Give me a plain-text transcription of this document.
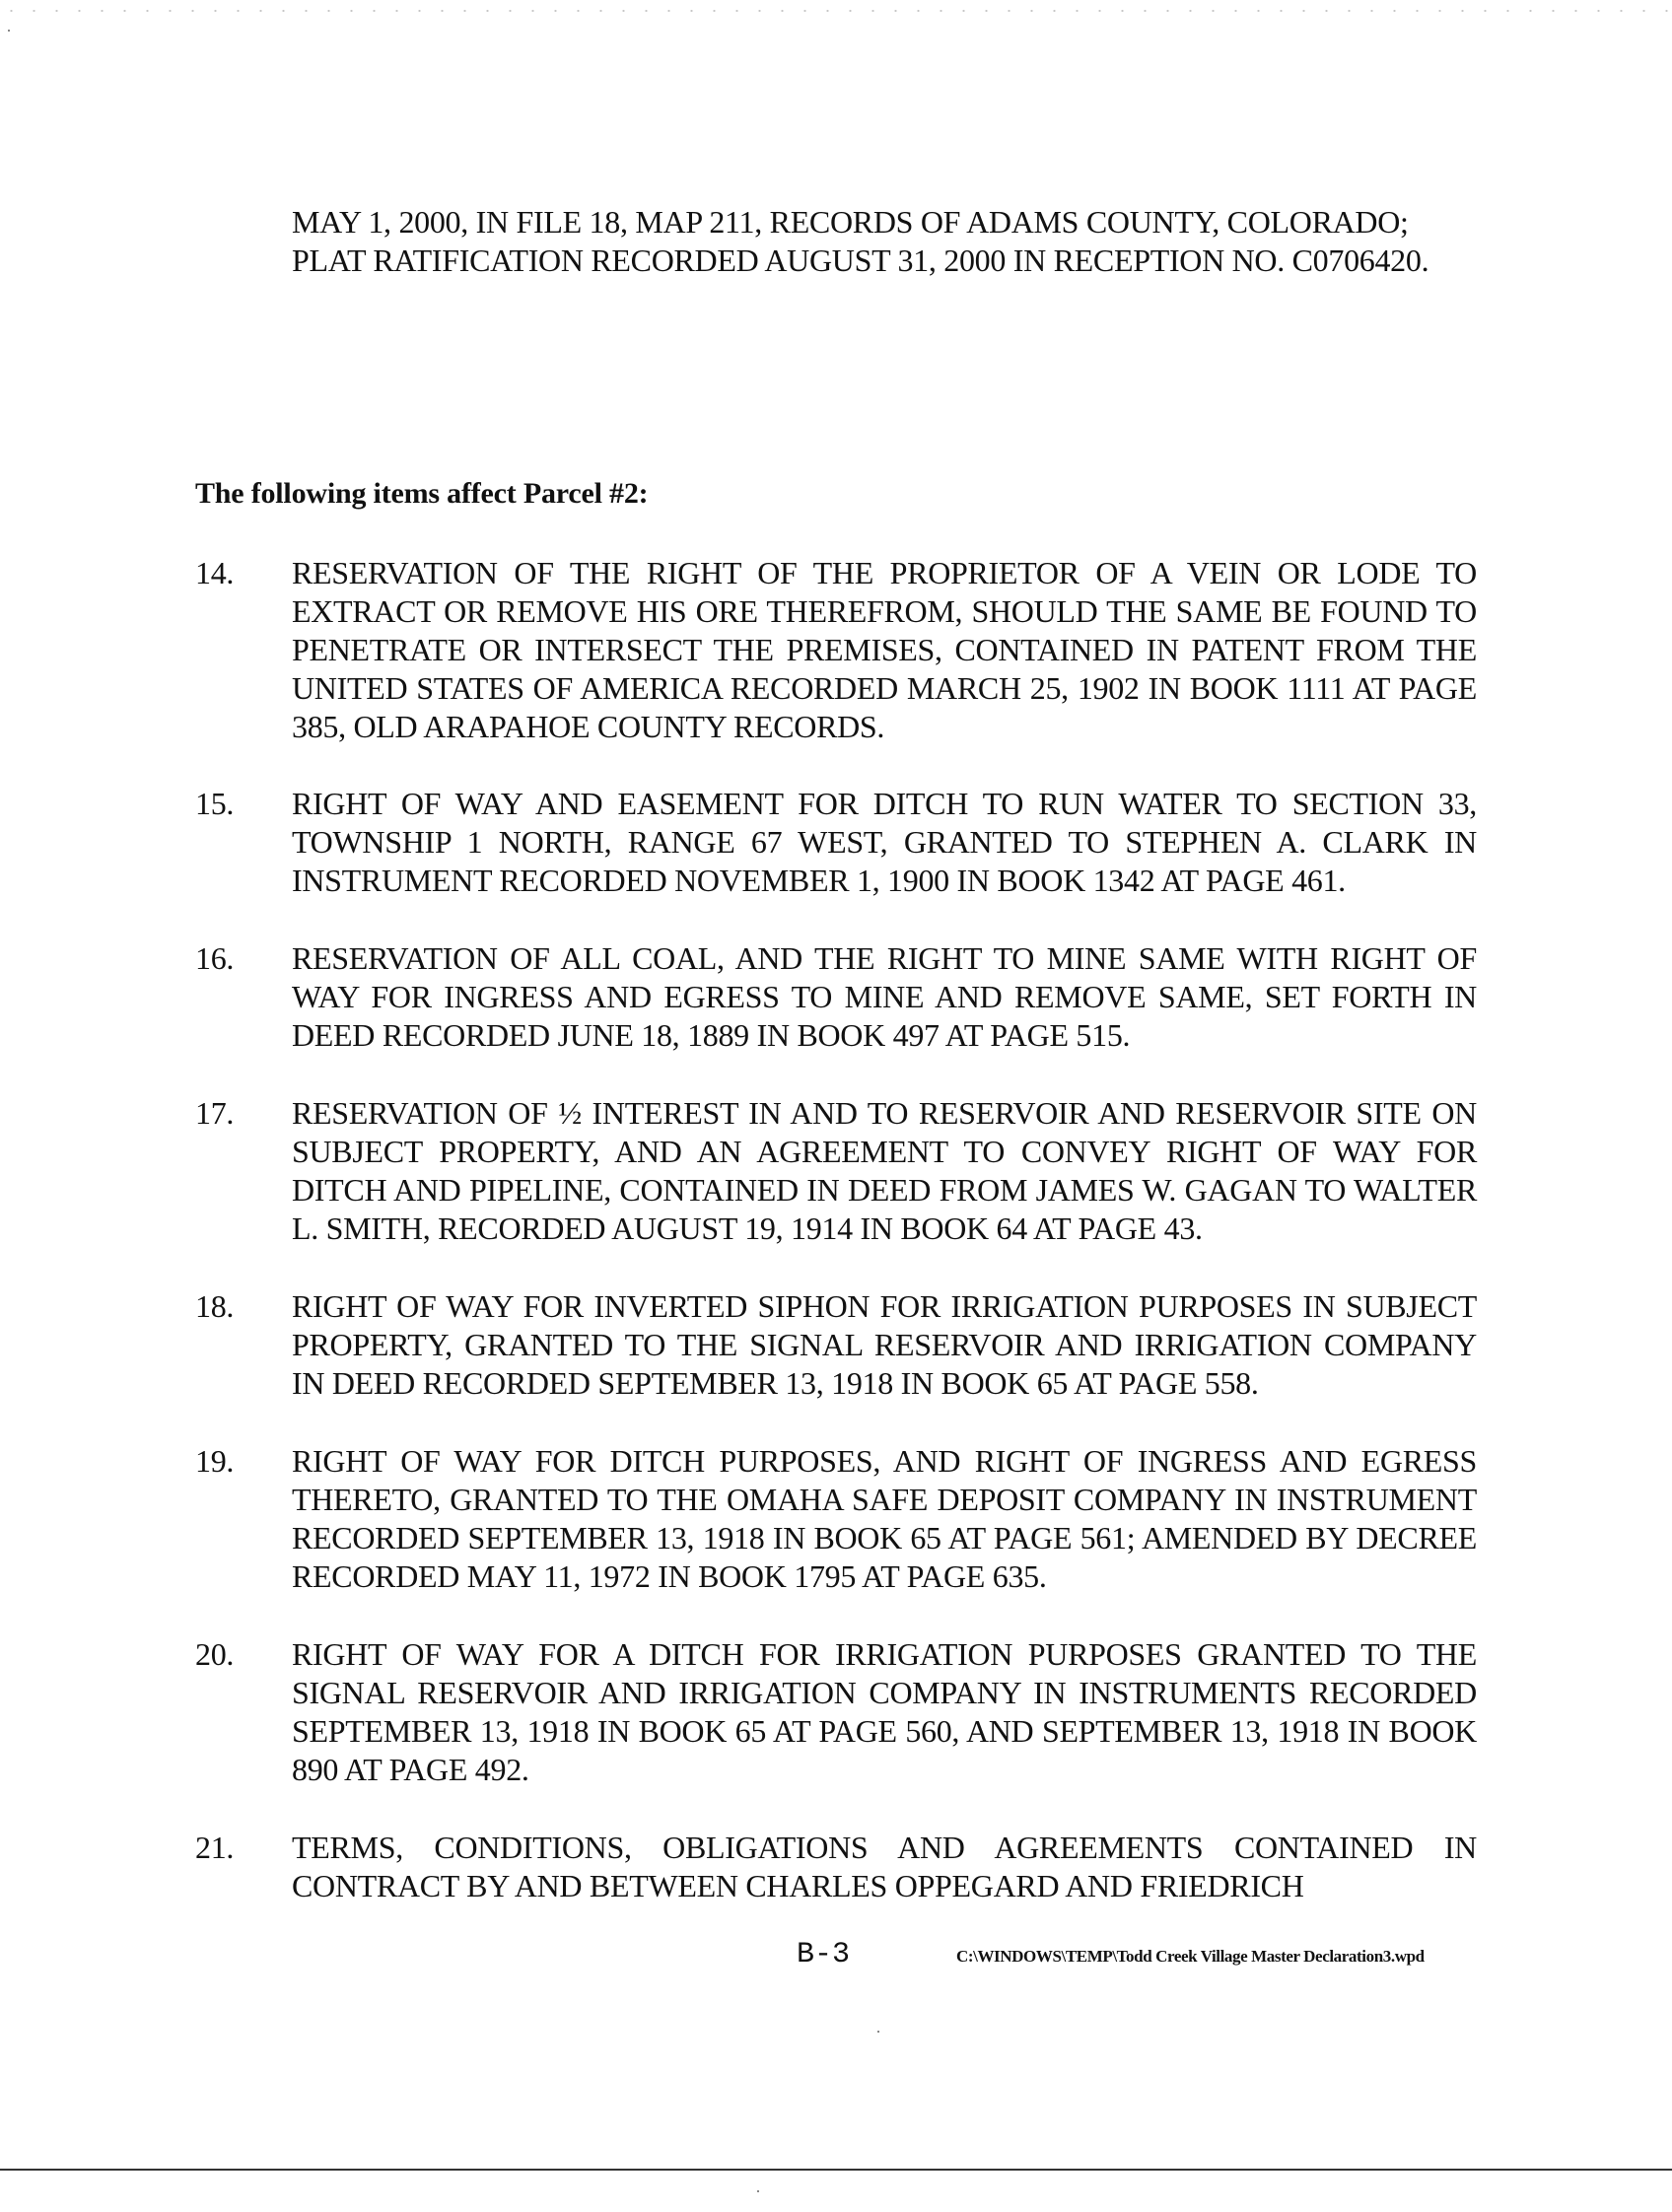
MAY 1, 2000, IN FILE 18, MAP 211, RECORDS OF ADAMS COUNTY, COLORADO;

PLAT RATIFICATION RECORDED AUGUST 31, 2000 IN RECEPTION NO. C0706420.

The following items affect Parcel #2:
14.	RESERVATION OF THE RIGHT OF THE PROPRIETOR OF A VEIN OR LODE TO EXTRACT OR REMOVE HIS ORE THEREFROM, SHOULD THE SAME BE FOUND TO PENETRATE OR INTERSECT THE PREMISES, CONTAINED IN PATENT FROM THE UNITED STATES OF AMERICA RECORDED MARCH 25, 1902 IN BOOK 1111 AT PAGE 385, OLD ARAPAHOE COUNTY RECORDS.
15.	RIGHT OF WAY AND EASEMENT FOR DITCH TO RUN WATER TO SECTION 33, TOWNSHIP 1 NORTH, RANGE 67 WEST, GRANTED TO STEPHEN A. CLARK IN INSTRUMENT RECORDED NOVEMBER 1, 1900 IN BOOK 1342 AT PAGE 461.
16.	RESERVATION OF ALL COAL, AND THE RIGHT TO MINE SAME WITH RIGHT OF WAY FOR INGRESS AND EGRESS TO MINE AND REMOVE SAME, SET FORTH IN DEED RECORDED JUNE 18, 1889 IN BOOK 497 AT PAGE 515.
17.	RESERVATION OF ½ INTEREST IN AND TO RESERVOIR AND RESERVOIR SITE ON SUBJECT PROPERTY, AND AN AGREEMENT TO CONVEY RIGHT OF WAY FOR DITCH AND PIPELINE, CONTAINED IN DEED FROM JAMES W. GAGAN TO WALTER L. SMITH, RECORDED AUGUST 19, 1914 IN BOOK 64 AT PAGE 43.
18.	RIGHT OF WAY FOR INVERTED SIPHON FOR IRRIGATION PURPOSES IN SUBJECT PROPERTY, GRANTED TO THE SIGNAL RESERVOIR AND IRRIGATION COMPANY IN DEED RECORDED SEPTEMBER 13, 1918 IN BOOK 65 AT PAGE 558.
19.	RIGHT OF WAY FOR DITCH PURPOSES, AND RIGHT OF INGRESS AND EGRESS THERETO, GRANTED TO THE OMAHA SAFE DEPOSIT COMPANY IN INSTRUMENT RECORDED SEPTEMBER 13, 1918 IN BOOK 65 AT PAGE 561; AMENDED BY DECREE RECORDED MAY 11, 1972 IN BOOK 1795 AT PAGE 635.
20.	RIGHT OF WAY FOR A DITCH FOR IRRIGATION PURPOSES GRANTED TO THE SIGNAL RESERVOIR AND IRRIGATION COMPANY IN INSTRUMENTS RECORDED SEPTEMBER 13, 1918 IN BOOK 65 AT PAGE 560, AND SEPTEMBER 13, 1918 IN BOOK 890 AT PAGE 492.
21.	TERMS, CONDITIONS, OBLIGATIONS AND AGREEMENTS CONTAINED IN CONTRACT BY AND BETWEEN CHARLES OPPEGARD AND FRIEDRICH
B-3	C:\WINDOWS\TEMP\Todd Creek Village Master Declaration3.wpd
